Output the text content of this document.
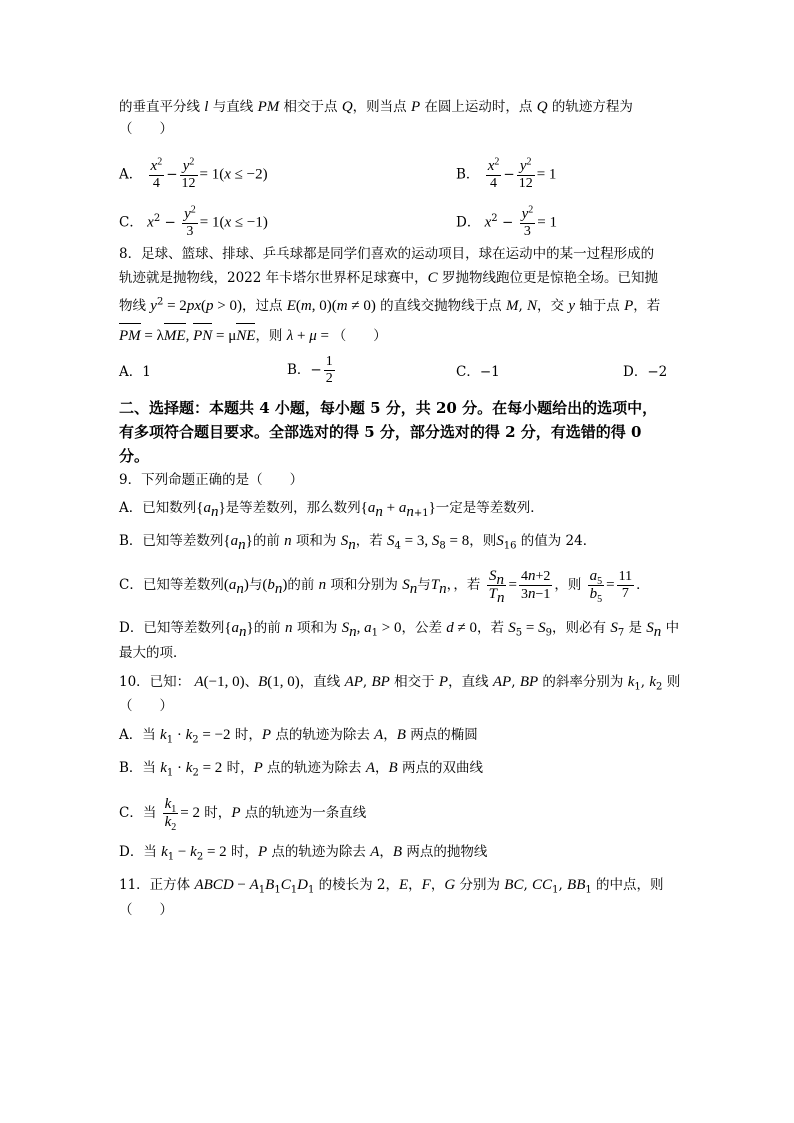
的垂直平分线 l 与直线 PM 相交于点 Q，则当点 P 在圆上运动时，点 Q 的轨迹方程为
（　　）
A． $\frac{x^2}{4} - \frac{y^2}{12} = 1(x \le -2)$	B． $\frac{x^2}{4} - \frac{y^2}{12} = 1$
C． $x^2 - \frac{y^2}{3} = 1(x \le -1)$	D． $x^2 - \frac{y^2}{3} = 1$
8．足球、篮球、排球、乒乓球都是同学们喜欢的运动项目，球在运动中的某一过程形成的
轨迹就是抛物线，2022 年卡塔尔世界杯足球赛中，C 罗抛物线跑位更是惊艳全场。已知抛
物线 $y^2 = 2px(p > 0)$，过点 E(m, 0)(m ≠ 0) 的直线交抛物线于点 M, N，交 y 轴于点 P，若
PM = λME, PN = μNE，则 λ + μ = （　　）
A．1	B．− $\frac{1}{2}$	C．−1	D．−2
二、选择题：本题共 4 小题，每小题 5 分，共 20 分。在每小题给出的选项中，
有多项符合题目要求。全部选对的得 5 分，部分选对的得 2 分，有选错的得 0
分。
9．下列命题正确的是（　　）
A．已知数列$\{a_n\}$是等差数列，那么数列$\{a_n + a_{n+1}\}$一定是等差数列．
B．已知等差数列$\{a_n\}$的前 n 项和为 $S_n$，若 $S_4 = 3$, $S_8 = 8$，则$S_{16}$ 的值为 24．
C．已知等差数列$(a_n)$与$(b_n)$的前 n 项和分别为 $S_n$与$T_n$，，若 $\frac{S_n}{T_n} = \frac{4n+2}{3n-1}$ ，则 $\frac{a_5}{b_5} = \frac{11}{7}$ ．
D．已知等差数列$\{a_n\}$的前 n 项和为 $S_n$, $a_1 > 0$，公差 d ≠ 0，若 $S_5 = S_9$，则必有 $S_7$ 是 $S_n$ 中
最大的项．
10．已知： A(−1, 0)、B(1, 0)，直线 AP, BP 相交于 P，直线 AP, BP 的斜率分别为 $k_1$, $k_2$ 则
（　　）
A．当 $k_1 \cdot k_2 = -2$ 时，P 点的轨迹为除去 A，B 两点的椭圆
B．当 $k_1 \cdot k_2 = 2$ 时，P 点的轨迹为除去 A，B 两点的双曲线
C．当 $\frac{k_1}{k_2} = 2$ 时，P 点的轨迹为一条直线
D．当 $k_1 - k_2 = 2$ 时，P 点的轨迹为除去 A，B 两点的抛物线
11．正方体 ABCD − $A_1B_1C_1D_1$ 的棱长为 2，E，F，G 分别为 BC, $CC_1$, $BB_1$ 的中点，则
（　　）
